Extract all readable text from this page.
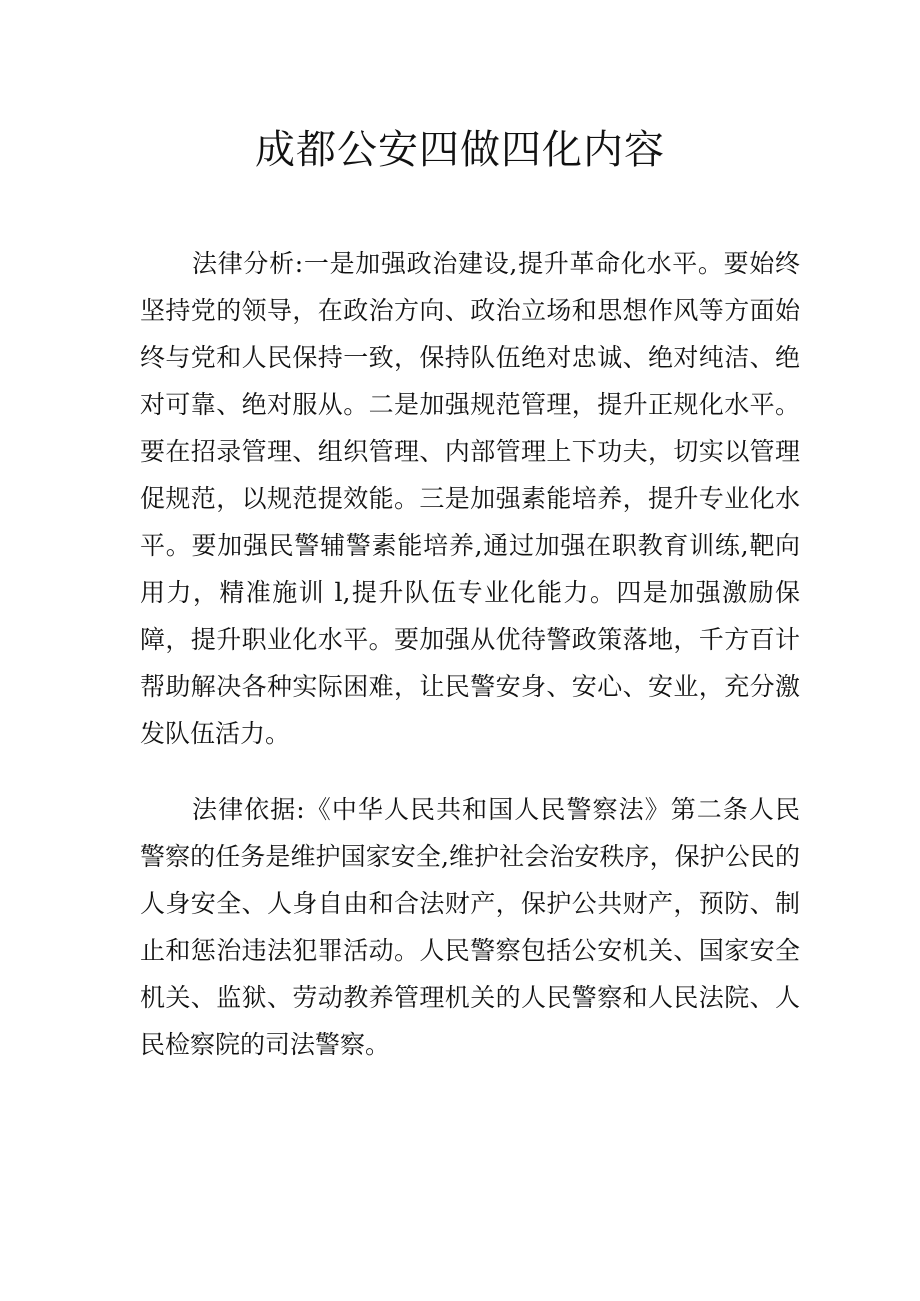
成都公安四做四化内容

法律分析:一是加强政治建设,提升革命化水平。要始终坚持党的领导，在政治方向、政治立场和思想作风等方面始终与党和人民保持一致，保持队伍绝对忠诚、绝对纯洁、绝对可靠、绝对服从。二是加强规范管理，提升正规化水平。要在招录管理、组织管理、内部管理上下功夫，切实以管理促规范，以规范提效能。三是加强素能培养，提升专业化水平。要加强民警辅警素能培养,通过加强在职教育训练,靶向用力，精准施训 l,提升队伍专业化能力。四是加强激励保障，提升职业化水平。要加强从优待警政策落地，千方百计帮助解决各种实际困难，让民警安身、安心、安业，充分激发队伍活力。

法律依据:《中华人民共和国人民警察法》第二条人民警察的任务是维护国家安全,维护社会治安秩序，保护公民的人身安全、人身自由和合法财产，保护公共财产，预防、制止和惩治违法犯罪活动。人民警察包括公安机关、国家安全机关、监狱、劳动教养管理机关的人民警察和人民法院、人民检察院的司法警察。
